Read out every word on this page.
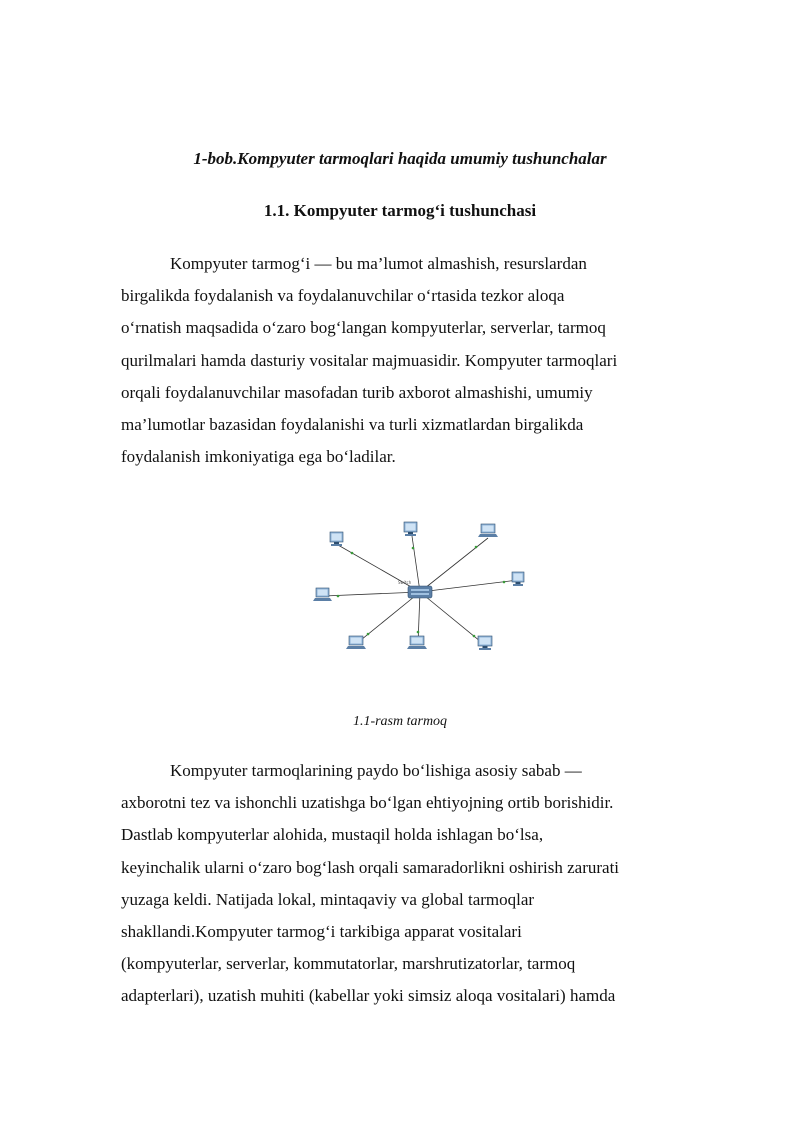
1-bob.Kompyuter tarmoqlari haqida umumiy tushunchalar
1.1. Kompyuter tarmog‘i tushunchasi

Kompyuter tarmog‘i — bu ma’lumot almashish, resurslardan
birgalikda foydalanish va foydalanuvchilar o‘rtasida tezkor aloqa
o‘rnatish maqsadida o‘zaro bog‘langan kompyuterlar, serverlar, tarmoq
qurilmalari hamda dasturiy vositalar majmuasidir. Kompyuter tarmoqlari
orqali foydalanuvchilar masofadan turib axborot almashishi, umumiy
ma’lumotlar bazasidan foydalanishi va turli xizmatlardan birgalikda
foydalanish imkoniyatiga ega bo‘ladilar.

Switch

1.1-rasm tarmoq

Kompyuter tarmoqlarining paydo bo‘lishiga asosiy sabab —
axborotni tez va ishonchli uzatishga bo‘lgan ehtiyojning ortib borishidir.
Dastlab kompyuterlar alohida, mustaqil holda ishlagan bo‘lsa,
keyinchalik ularni o‘zaro bog‘lash orqali samaradorlikni oshirish zarurati
yuzaga keldi. Natijada lokal, mintaqaviy va global tarmoqlar
shakllandi.Kompyuter tarmog‘i tarkibiga apparat vositalari
(kompyuterlar, serverlar, kommutatorlar, marshrutizatorlar, tarmoq
adapterlari), uzatish muhiti (kabellar yoki simsiz aloqa vositalari) hamda
